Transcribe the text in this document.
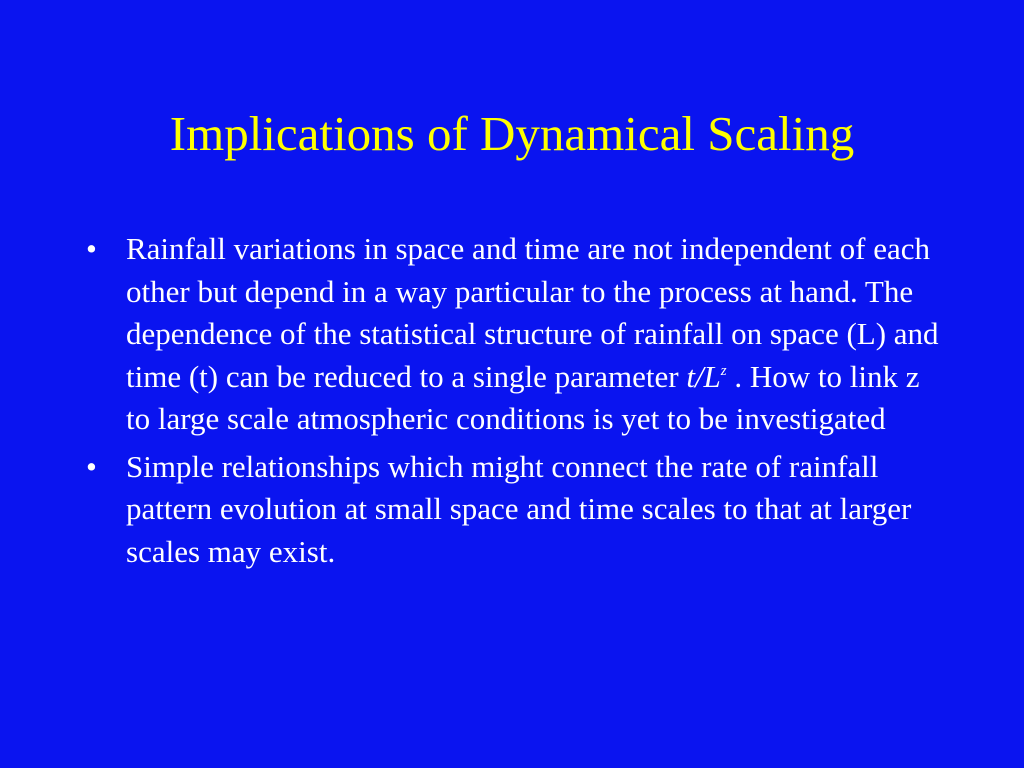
Implications of Dynamical Scaling
• Rainfall variations in space and time are not independent of each other but depend in a way particular to the process at hand. The dependence of the statistical structure of rainfall on space (L) and time (t) can be reduced to a single parameter $t/L^z$ . How to link z to large scale atmospheric conditions is yet to be investigated
• Simple relationships which might connect the rate of rainfall pattern evolution at small space and time scales to that at larger scales may exist.
